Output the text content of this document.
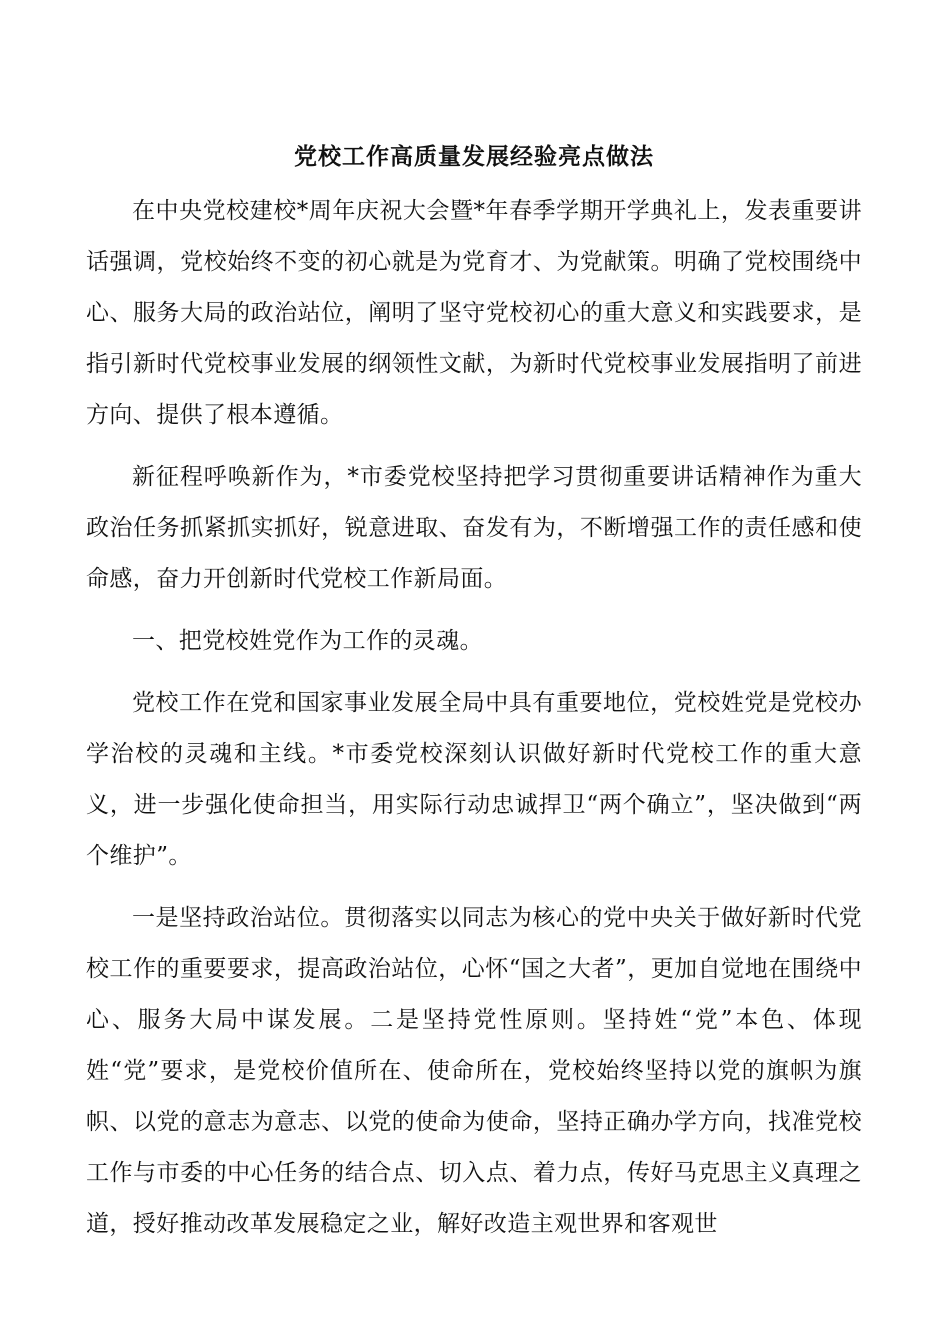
党校工作高质量发展经验亮点做法

在中央党校建校*周年庆祝大会暨*年春季学期开学典礼上，发表重要讲话强调，党校始终不变的初心就是为党育才、为党献策。明确了党校围绕中心、服务大局的政治站位，阐明了坚守党校初心的重大意义和实践要求，是指引新时代党校事业发展的纲领性文献，为新时代党校事业发展指明了前进方向、提供了根本遵循。

新征程呼唤新作为，*市委党校坚持把学习贯彻重要讲话精神作为重大政治任务抓紧抓实抓好，锐意进取、奋发有为，不断增强工作的责任感和使命感，奋力开创新时代党校工作新局面。

一、把党校姓党作为工作的灵魂。

党校工作在党和国家事业发展全局中具有重要地位，党校姓党是党校办学治校的灵魂和主线。*市委党校深刻认识做好新时代党校工作的重大意义，进一步强化使命担当，用实际行动忠诚捍卫“两个确立”，坚决做到“两个维护”。

一是坚持政治站位。贯彻落实以同志为核心的党中央关于做好新时代党校工作的重要要求，提高政治站位，心怀“国之大者”，更加自觉地在围绕中心、服务大局中谋发展。二是坚持党性原则。坚持姓“党”本色、体现姓“党”要求，是党校价值所在、使命所在，党校始终坚持以党的旗帜为旗帜、以党的意志为意志、以党的使命为使命，坚持正确办学方向，找准党校工作与市委的中心任务的结合点、切入点、着力点，传好马克思主义真理之道，授好推动改革发展稳定之业，解好改造主观世界和客观世
